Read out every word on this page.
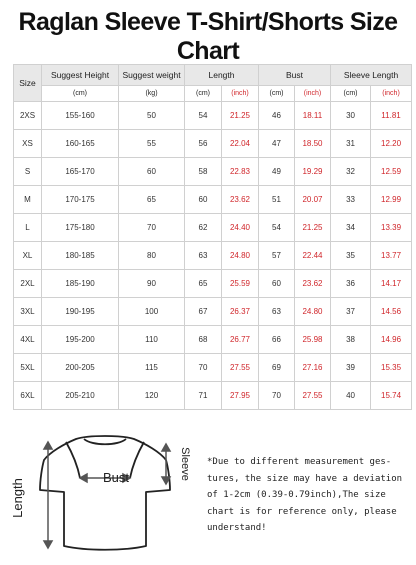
Raglan Sleeve T-Shirt/Shorts Size Chart
Size	Suggest Height	Suggest weight	Length		Bust		Sleeve Length	
	(cm)	(kg)	(cm)	(inch)	(cm)	(inch)	(cm)	(inch)
2XS	155-160	50	54	21.25	46	18.11	30	11.81
XS	160-165	55	56	22.04	47	18.50	31	12.20
S	165-170	60	58	22.83	49	19.29	32	12.59
M	170-175	65	60	23.62	51	20.07	33	12.99
L	175-180	70	62	24.40	54	21.25	34	13.39
XL	180-185	80	63	24.80	57	22.44	35	13.77
2XL	185-190	90	65	25.59	60	23.62	36	14.17
3XL	190-195	100	67	26.37	63	24.80	37	14.56
4XL	195-200	110	68	26.77	66	25.98	38	14.96
5XL	200-205	115	70	27.55	69	27.16	39	15.35
6XL	205-210	120	71	27.95	70	27.55	40	15.74
Bust
Length
Sleeve *Due to different measurement ges-
tures, the size may have a deviation
of 1-2cm (0.39-0.79inch),The size
chart is for reference only, please
understand!
